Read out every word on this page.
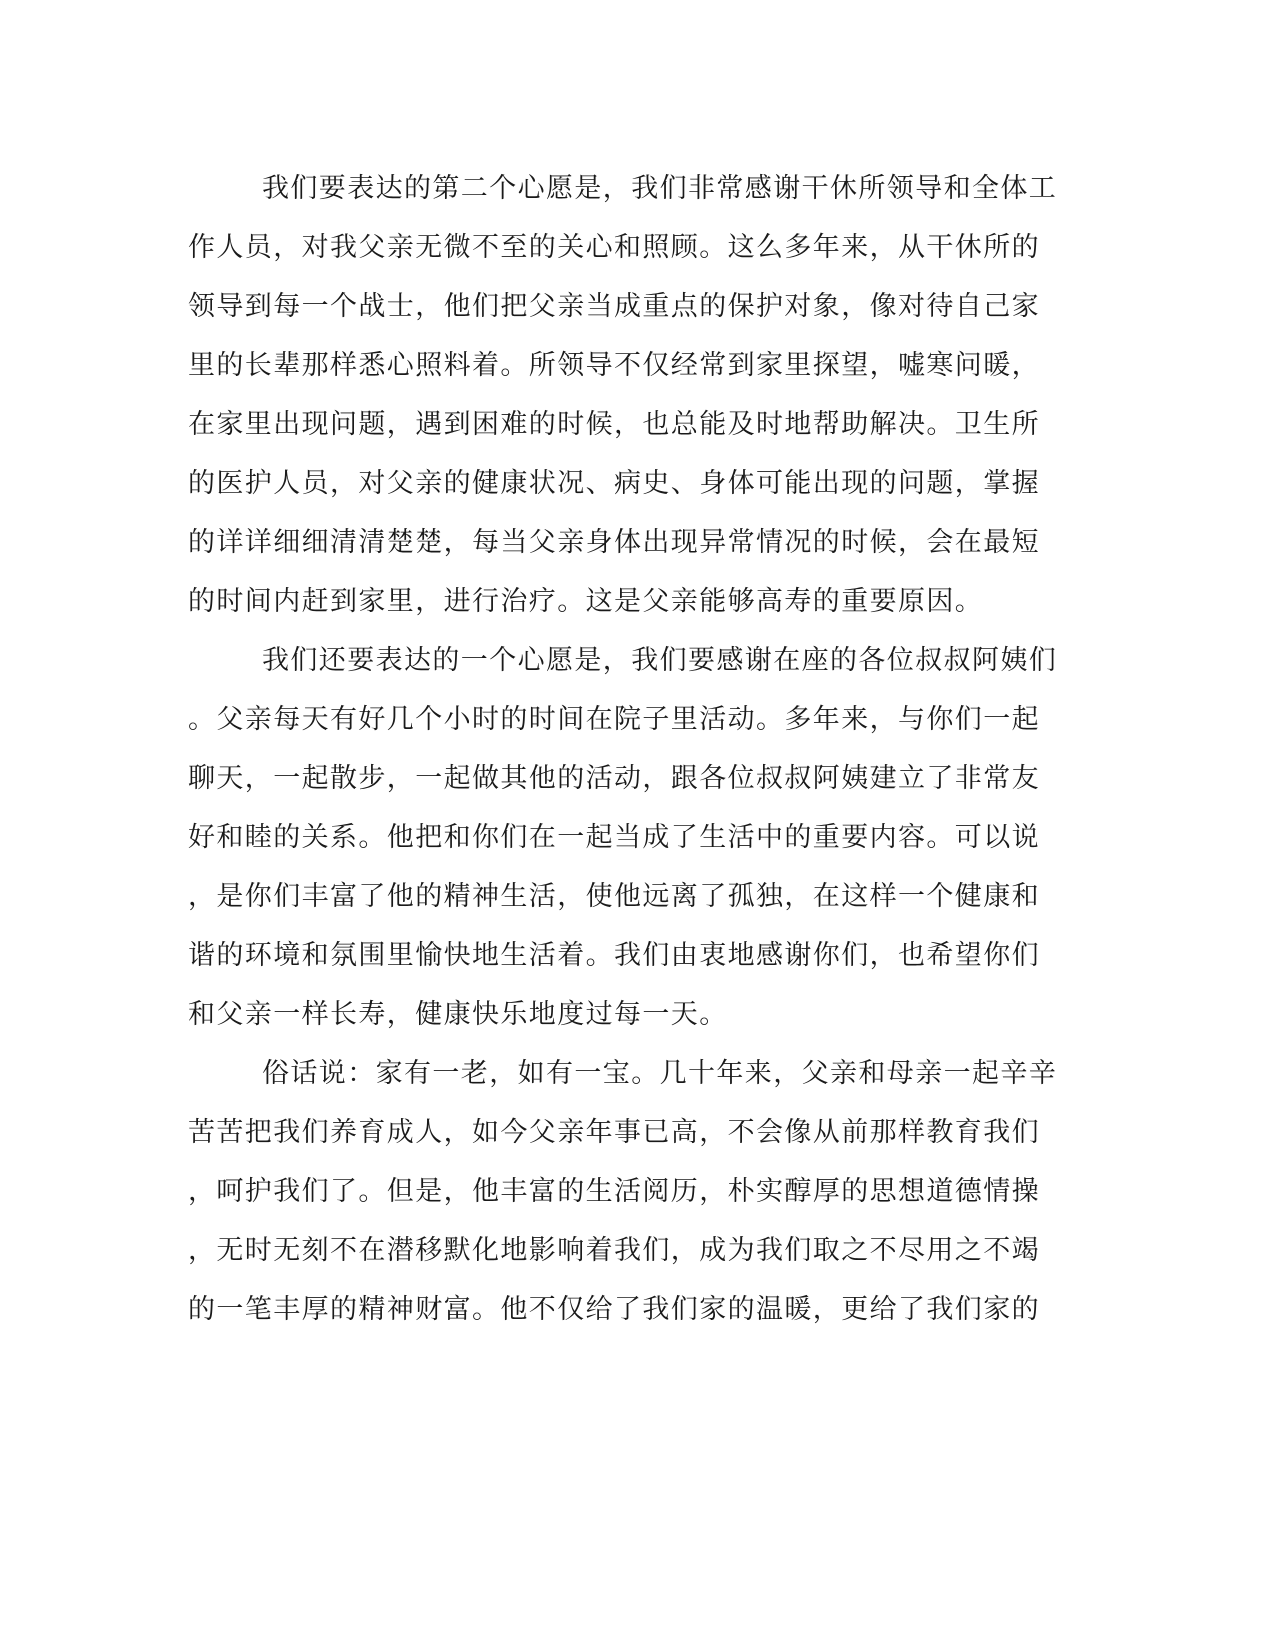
我们要表达的第二个心愿是，我们非常感谢干休所领导和全体工
作人员，对我父亲无微不至的关心和照顾。这么多年来，从干休所的
领导到每一个战士，他们把父亲当成重点的保护对象，像对待自己家
里的长辈那样悉心照料着。所领导不仅经常到家里探望，嘘寒问暖，
在家里出现问题，遇到困难的时候，也总能及时地帮助解决。卫生所
的医护人员，对父亲的健康状况、病史、身体可能出现的问题，掌握
的详详细细清清楚楚，每当父亲身体出现异常情况的时候，会在最短
的时间内赶到家里，进行治疗。这是父亲能够高寿的重要原因。
我们还要表达的一个心愿是，我们要感谢在座的各位叔叔阿姨们
。父亲每天有好几个小时的时间在院子里活动。多年来，与你们一起
聊天，一起散步，一起做其他的活动，跟各位叔叔阿姨建立了非常友
好和睦的关系。他把和你们在一起当成了生活中的重要内容。可以说
，是你们丰富了他的精神生活，使他远离了孤独，在这样一个健康和
谐的环境和氛围里愉快地生活着。我们由衷地感谢你们，也希望你们
和父亲一样长寿，健康快乐地度过每一天。
俗话说：家有一老，如有一宝。几十年来，父亲和母亲一起辛辛
苦苦把我们养育成人，如今父亲年事已高，不会像从前那样教育我们
，呵护我们了。但是，他丰富的生活阅历，朴实醇厚的思想道德情操
，无时无刻不在潜移默化地影响着我们，成为我们取之不尽用之不竭
的一笔丰厚的精神财富。他不仅给了我们家的温暖，更给了我们家的
